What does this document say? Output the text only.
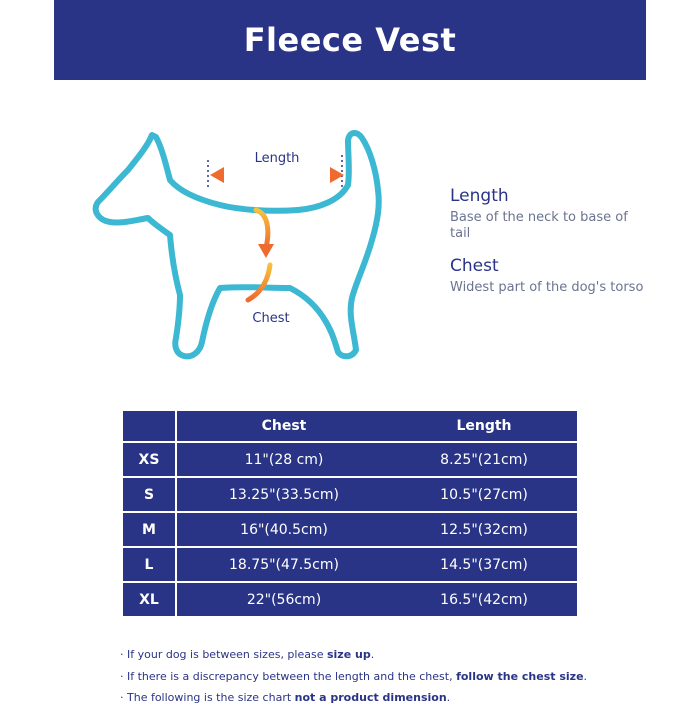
Fleece Vest
Length
Chest
Length
Base of the neck to base of tail
Chest
Widest part of the dog's torso
	Chest	Length
XS	11"(28 cm)	8.25"(21cm)
S	13.25"(33.5cm)	10.5"(27cm)
M	16"(40.5cm)	12.5"(32cm)
L	18.75"(47.5cm)	14.5"(37cm)
XL	22"(56cm)	16.5"(42cm)
· If your dog is between sizes, please size up.
· If there is a discrepancy between the length and the chest, follow the chest size.
· The following is the size chart not a product dimension.
